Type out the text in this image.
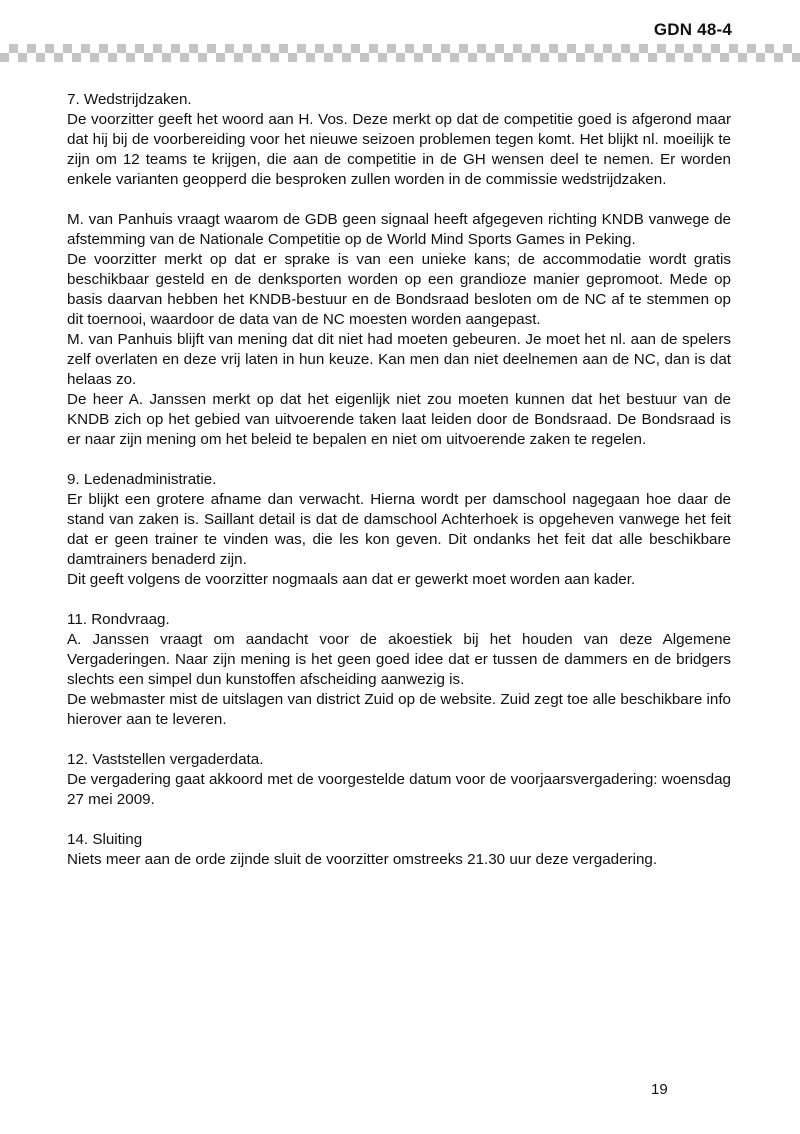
GDN 48-4
7. Wedstrijdzaken.

De voorzitter geeft het woord aan H. Vos. Deze merkt op dat de competitie goed is afgerond maar dat hij bij de voorbereiding voor het nieuwe seizoen problemen tegen komt. Het blijkt nl. moeilijk te zijn om 12 teams te krijgen, die aan de competitie in de GH wensen deel te nemen. Er worden enkele varianten geopperd die besproken zullen worden in de commissie wedstrijdzaken.

M. van Panhuis vraagt waarom de GDB geen signaal heeft afgegeven richting KNDB vanwege de afstemming van de Nationale Competitie op de World Mind Sports Games in Peking.

De voorzitter merkt op dat er sprake is van een unieke kans; de accommodatie wordt gratis beschikbaar gesteld en de denksporten worden op een grandioze manier gepromoot. Mede op basis daarvan hebben het KNDB-bestuur en de Bondsraad besloten om de NC af te stemmen op dit toernooi, waardoor de data van de NC moesten worden aangepast.

M. van Panhuis blijft van mening dat dit niet had moeten gebeuren. Je moet het nl. aan de spelers zelf overlaten en deze vrij laten in hun keuze. Kan men dan niet deelnemen aan de NC, dan is dat helaas zo.

De heer A. Janssen merkt op dat het eigenlijk niet zou moeten kunnen dat het bestuur van de KNDB zich op het gebied van uitvoerende taken laat leiden door de Bondsraad. De Bondsraad is er naar zijn mening om het beleid te bepalen en niet om uitvoerende zaken te regelen.

9. Ledenadministratie.

Er blijkt een grotere afname dan verwacht. Hierna wordt per damschool nagegaan hoe daar de stand van zaken is. Saillant detail is dat de damschool Achterhoek is opgeheven vanwege het feit dat er geen trainer te vinden was, die les kon geven. Dit ondanks het feit dat alle beschikbare damtrainers benaderd zijn.

Dit geeft volgens de voorzitter nogmaals aan dat er gewerkt moet worden aan kader.

11. Rondvraag.

A. Janssen vraagt om aandacht voor de akoestiek bij het houden van deze Algemene Vergaderingen. Naar zijn mening is het geen goed idee dat er tussen de dammers en de bridgers slechts een simpel dun kunstoffen afscheiding aanwezig is.

De webmaster mist de uitslagen van district Zuid op de website. Zuid zegt toe alle beschikbare info hierover aan te leveren.

12. Vaststellen vergaderdata.

De vergadering gaat akkoord met de voorgestelde datum voor de voorjaarsvergadering: woensdag 27 mei 2009.

14. Sluiting

Niets meer aan de orde zijnde sluit de voorzitter omstreeks 21.30 uur deze vergadering.

19
